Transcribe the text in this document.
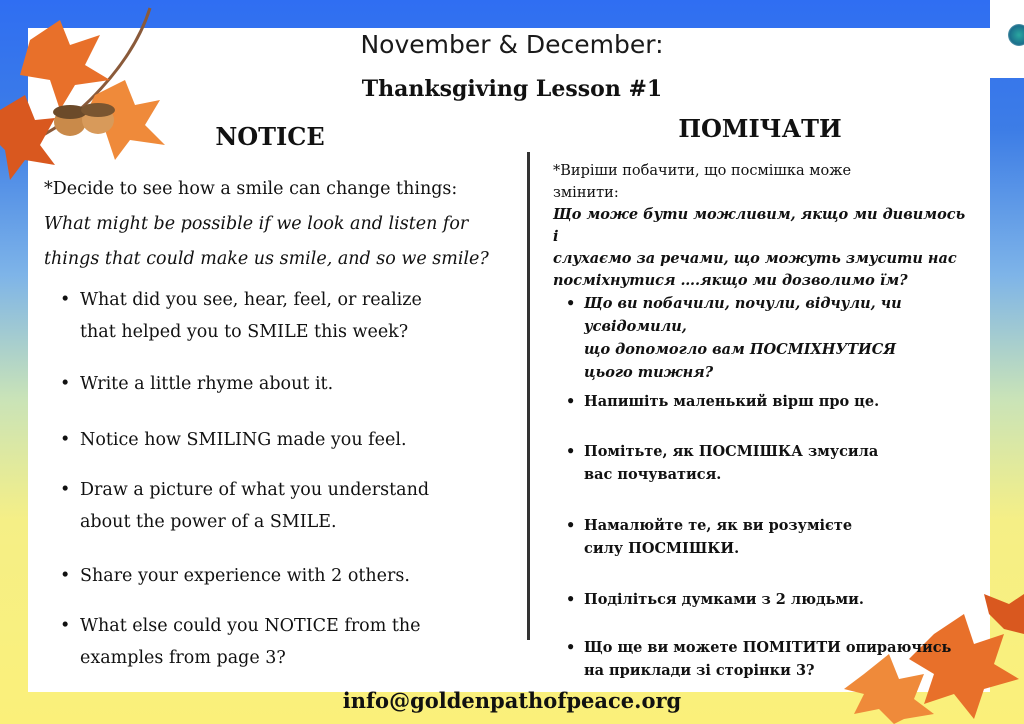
November & December:
Thanksgiving Lesson #1
NOTICE	ПОМІЧАТИ
*Decide to see how a smile can change things:
What might be possible if we look and listen for
things that could make us smile, and so we smile?
• What did you see, hear, feel, or realize
that helped you to SMILE this week?
• Write a little rhyme about it.
• Notice how SMILING made you feel.
• Draw a picture of what you understand
about the power of a SMILE.
• Share your experience with 2 others.
• What else could you NOTICE from the
examples from page 3?
*Виріши побачити, що посмішка може
змінити:
Що може бути можливим, якщо ми дивимось і
слухаємо за речами, що можуть змусити нас
посміхнутися ….якщо ми дозволимо їм?
• Що ви побачили, почули, відчули, чи усвідомили,
що допомогло вам ПОСМІХНУТИСЯ
цього тижня?
• Напишіть маленький вірш про це.
• Помітьте, як ПОСМІШКА змусила
вас почуватися.
• Намалюйте те, як ви розумієте
силу ПОСМІШКИ.
• Поділіться думками з 2 людьми.
• Що ще ви можете ПОМІТИТИ опираючись
на приклади зі сторінки 3?
info@goldenpathofpeace.org
